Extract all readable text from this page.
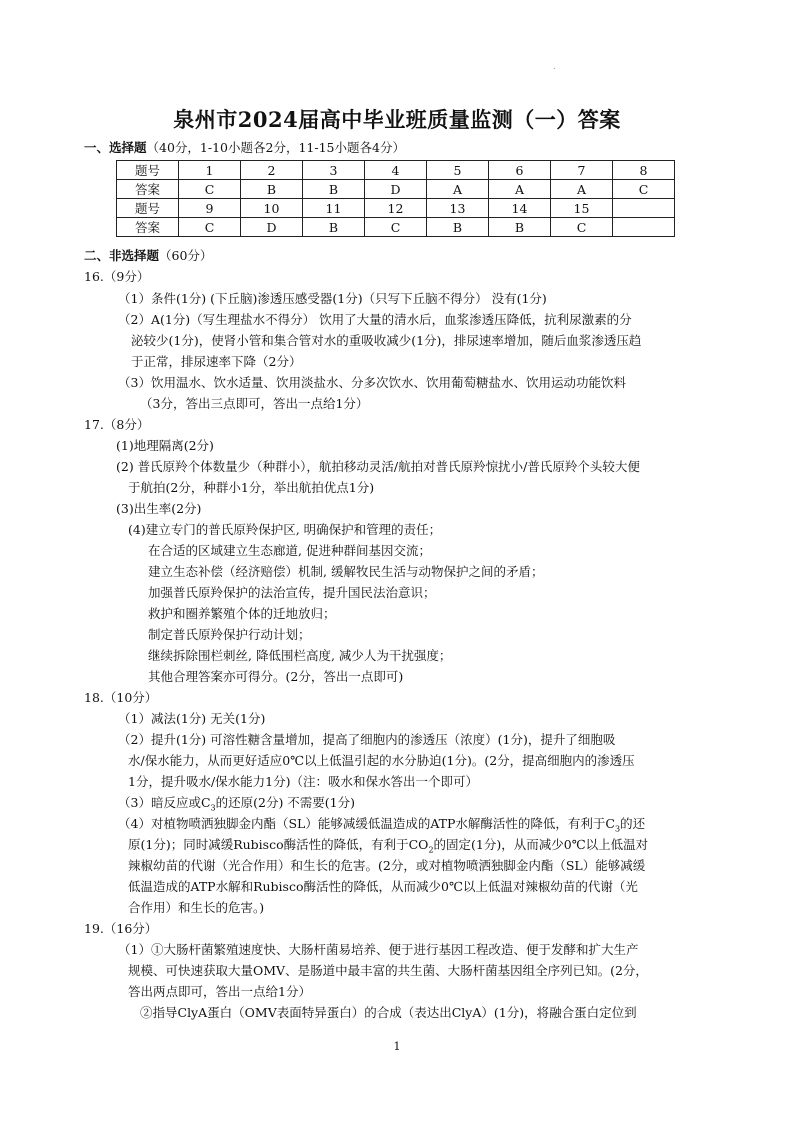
.
泉州市2024届高中毕业班质量监测（一）答案
一、选择题（40分，1-10小题各2分，11-15小题各4分）
题号	1	2	3	4	5	6	7	8
答案	C	B	B	D	A	A	A	C
题号	9	10	11	12	13	14	15	
答案	C	D	B	C	B	B	C	
二、非选择题（60分）
16.（9分）
（1）条件(1分) (下丘脑)渗透压感受器(1分)（只写下丘脑不得分） 没有(1分)
（2）A(1分)（写生理盐水不得分） 饮用了大量的清水后，血浆渗透压降低，抗利尿激素的分
泌较少(1分)，使肾小管和集合管对水的重吸收减少(1分)，排尿速率增加，随后血浆渗透压趋
于正常，排尿速率下降（2分）
（3）饮用温水、饮水适量、饮用淡盐水、分多次饮水、饮用葡萄糖盐水、饮用运动功能饮料
（3分，答出三点即可，答出一点给1分）
17.（8分）
(1)地理隔离(2分)
(2) 普氏原羚个体数量少（种群小），航拍移动灵活/航拍对普氏原羚惊扰小/普氏原羚个头较大便
于航拍(2分，种群小1分，举出航拍优点1分)
(3)出生率(2分)
(4)建立专门的普氏原羚保护区, 明确保护和管理的责任；
在合适的区域建立生态廊道, 促进种群间基因交流；
建立生态补偿（经济赔偿）机制, 缓解牧民生活与动物保护之间的矛盾；
加强普氏原羚保护的法治宣传，提升国民法治意识；
救护和圈养繁殖个体的迁地放归；
制定普氏原羚保护行动计划；
继续拆除围栏刺丝, 降低围栏高度, 减少人为干扰强度；
其他合理答案亦可得分。(2分，答出一点即可)
18.（10分）
（1）减法(1分) 无关(1分)
（2）提升(1分) 可溶性糖含量增加，提高了细胞内的渗透压（浓度）(1分)，提升了细胞吸
水/保水能力，从而更好适应0℃以上低温引起的水分胁迫(1分)。(2分，提高细胞内的渗透压
1分，提升吸水/保水能力1分)（注：吸水和保水答出一个即可）
（3）暗反应或$C_3$的还原(2分) 不需要(1分)
（4）对植物喷洒独脚金内酯（SL）能够减缓低温造成的ATP水解酶活性的降低，有利于$C_3$的还
原(1分)；同时减缓Rubisco酶活性的降低，有利于$CO_2$的固定(1分)，从而减少0℃以上低温对
辣椒幼苗的代谢（光合作用）和生长的危害。(2分，或对植物喷洒独脚金内酯（SL）能够减缓
低温造成的ATP水解和Rubisco酶活性的降低，从而减少0℃以上低温对辣椒幼苗的代谢（光
合作用）和生长的危害。)
19.（16分）
（1）①大肠杆菌繁殖速度快、大肠杆菌易培养、便于进行基因工程改造、便于发酵和扩大生产
规模、可快速获取大量OMV、是肠道中最丰富的共生菌、大肠杆菌基因组全序列已知。(2分，
答出两点即可，答出一点给1分）
②指导ClyA蛋白（OMV表面特异蛋白）的合成（表达出ClyA）(1分)，将融合蛋白定位到
1
